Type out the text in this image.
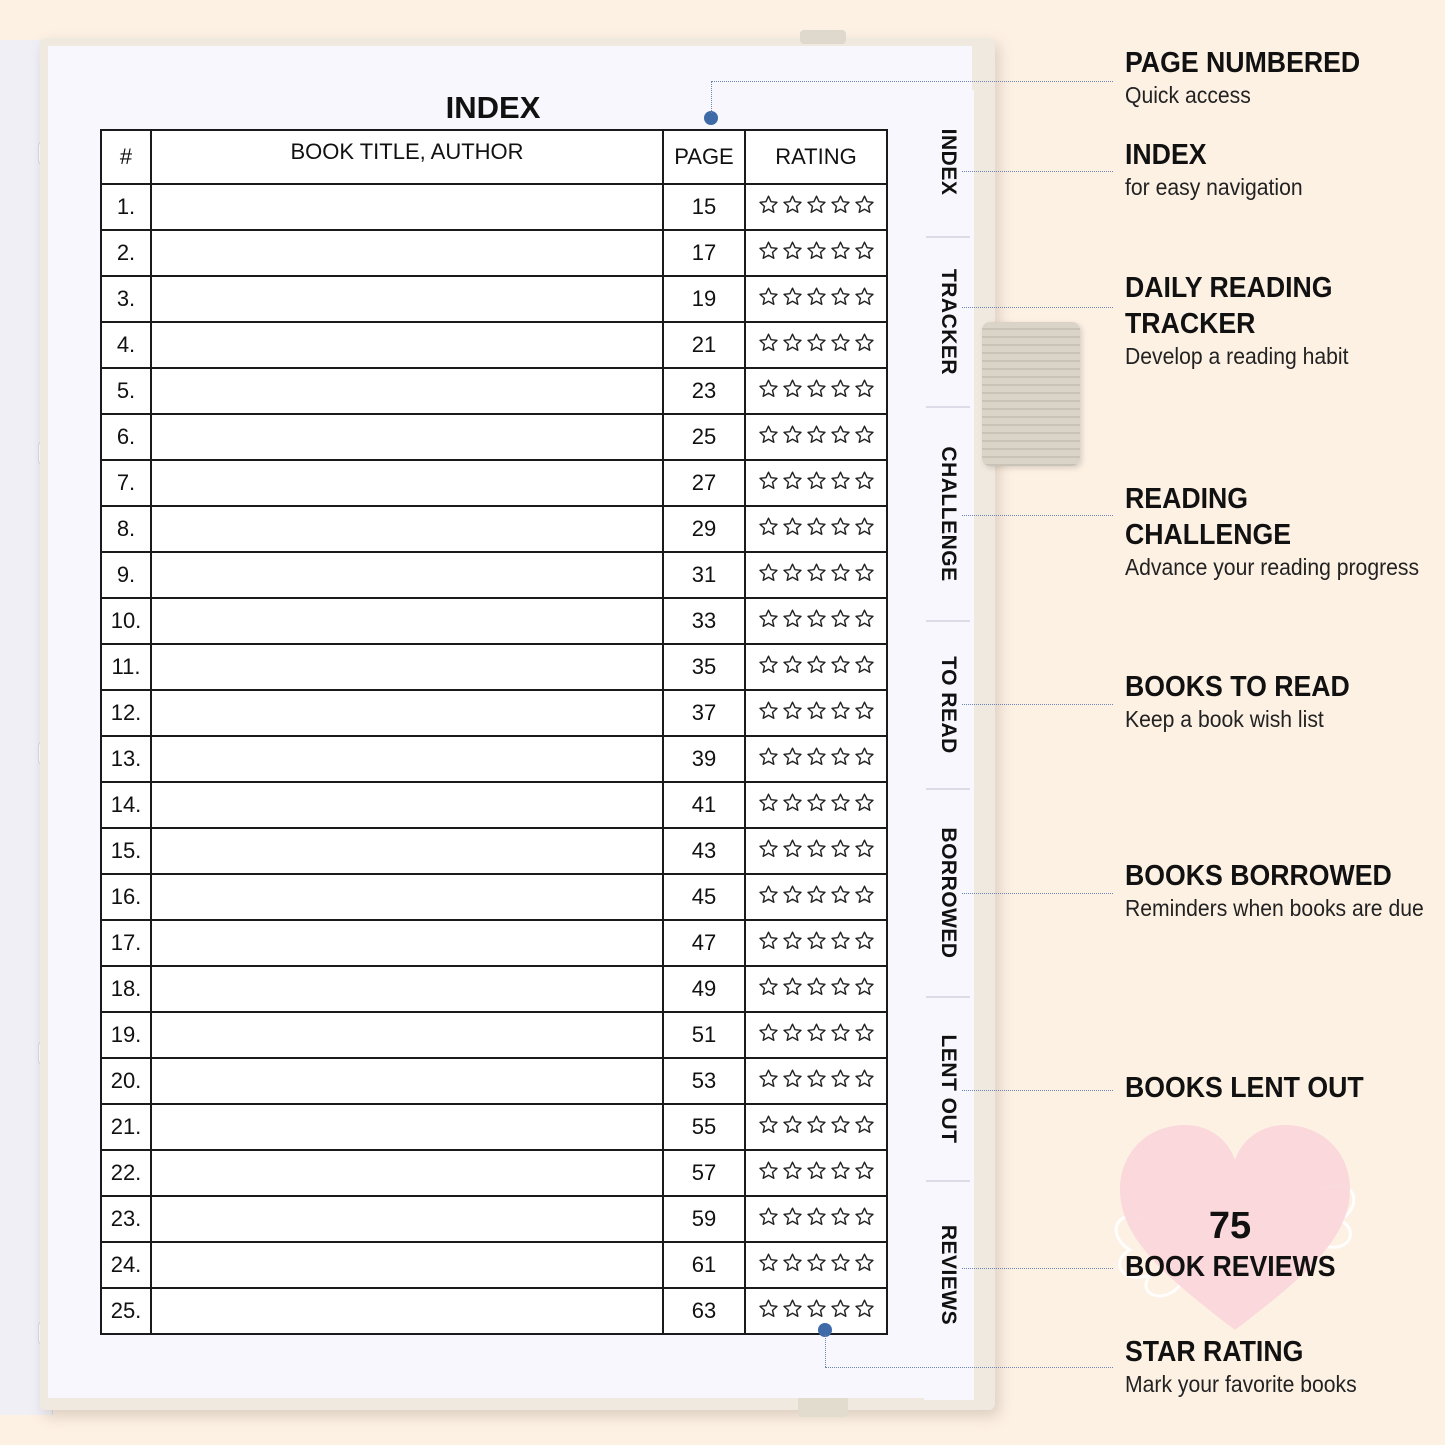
INDEX
TRACKER
CHALLENGE
TO READ
BORROWED
LENT OUT
REVIEWS
INDEX
#	BOOK TITLE, AUTHOR	PAGE	RATING
1.		15	

2.		17	

3.		19	

4.		21	

5.		23	

6.		25	

7.		27	

8.		29	

9.		31	

10.		33	

11.		35	

12.		37	

13.		39	

14.		41	

15.		43	

16.		45	

17.		47	

18.		49	

19.		51	

20.		53	

21.		55	

22.		57	

23.		59	

24.		61	

25.		63	
PAGE NUMBERED
Quick access
INDEX
for easy navigation
DAILY READING
TRACKER
Develop a reading habit
READING CHALLENGE
Advance your reading progress
BOOKS TO READ
Keep a book wish list
BOOKS BORROWED
Reminders when books are due
BOOKS LENT OUT
75
BOOK REVIEWS
STAR RATING
Mark your favorite books
